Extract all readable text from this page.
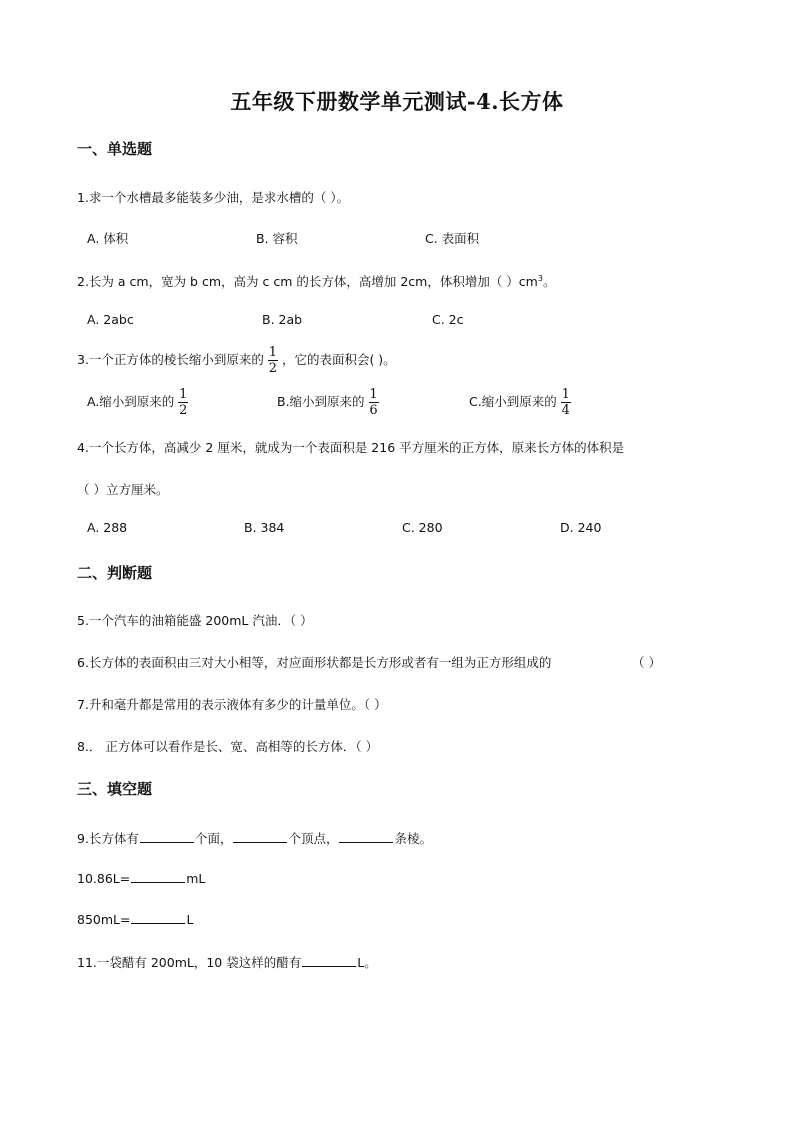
五年级下册数学单元测试-4.长方体
一、单选题
1.求一个水槽最多能装多少油，是求水槽的（ ）。
A. 体积	B. 容积	C. 表面积
2.长为 a cm，宽为 b cm，高为 c cm 的长方体，高增加 2cm，体积增加（ ）$cm^3$。
A. 2abc	B. 2ab	C. 2c
3.一个正方体的棱长缩小到原来的 $\frac{1}{2}$ ，它的表面积会( )。
A.缩小到原来的 $\frac{1}{2}$	B.缩小到原来的 $\frac{1}{6}$	C.缩小到原来的 $\frac{1}{4}$
4.一个长方体，高减少 2 厘米，就成为一个表面积是 216 平方厘米的正方体，原来长方体的体积是
（ ）立方厘米。
A. 288	B. 384	C. 280	D. 240
二、判断题
5.一个汽车的油箱能盛 200mL 汽油．（ ）
6.长方体的表面积由三对大小相等，对应面形状都是长方形或者有一组为正方形组成的	（ ）
7.升和毫升都是常用的表示液体有多少的计量单位。（ ）
8.． 正方体可以看作是长、宽、高相等的长方体．（ ）
三、填空题
9.长方体有	个面，	个顶点，	条棱。
10.86L=	mL
850mL=	L
11.一袋醋有 200mL，10 袋这样的醋有	L。
